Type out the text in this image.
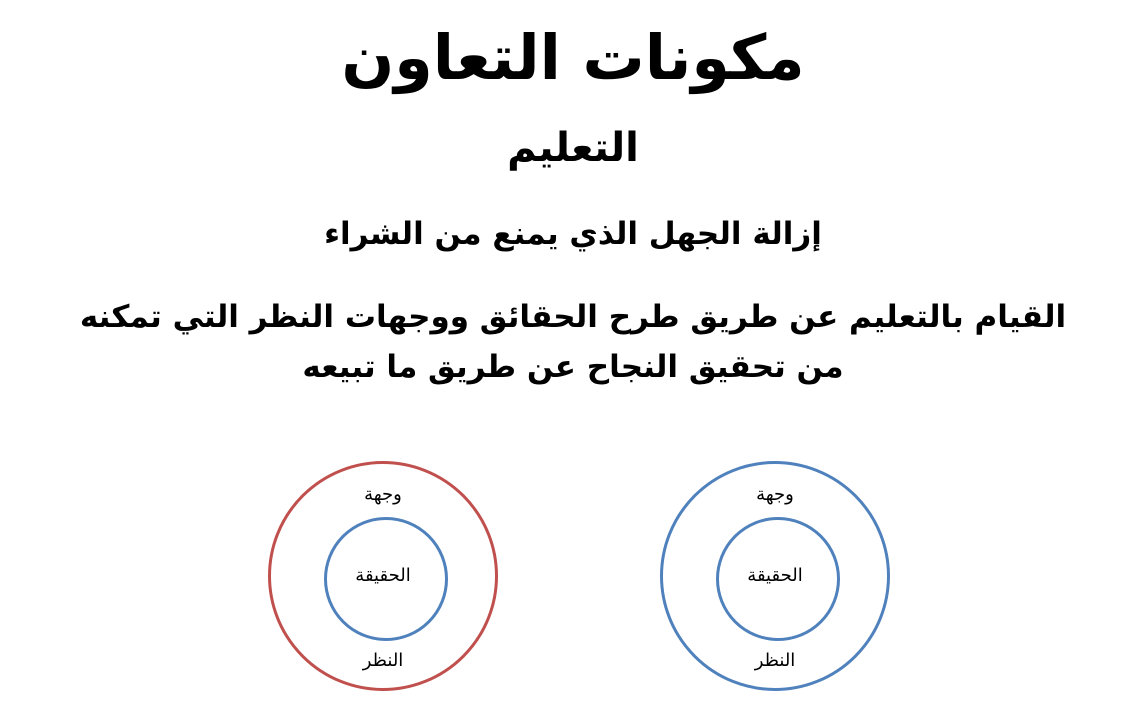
مكونات التعاون
التعليم

إزالة الجهل الذي يمنع من الشراء

القيام بالتعليم عن طريق طرح الحقائق ووجهات النظر التي تمكنه
من تحقيق النجاح عن طريق ما تبيعه

وجهة
الحقيقة
النظر
وجهة
الحقيقة
النظر
